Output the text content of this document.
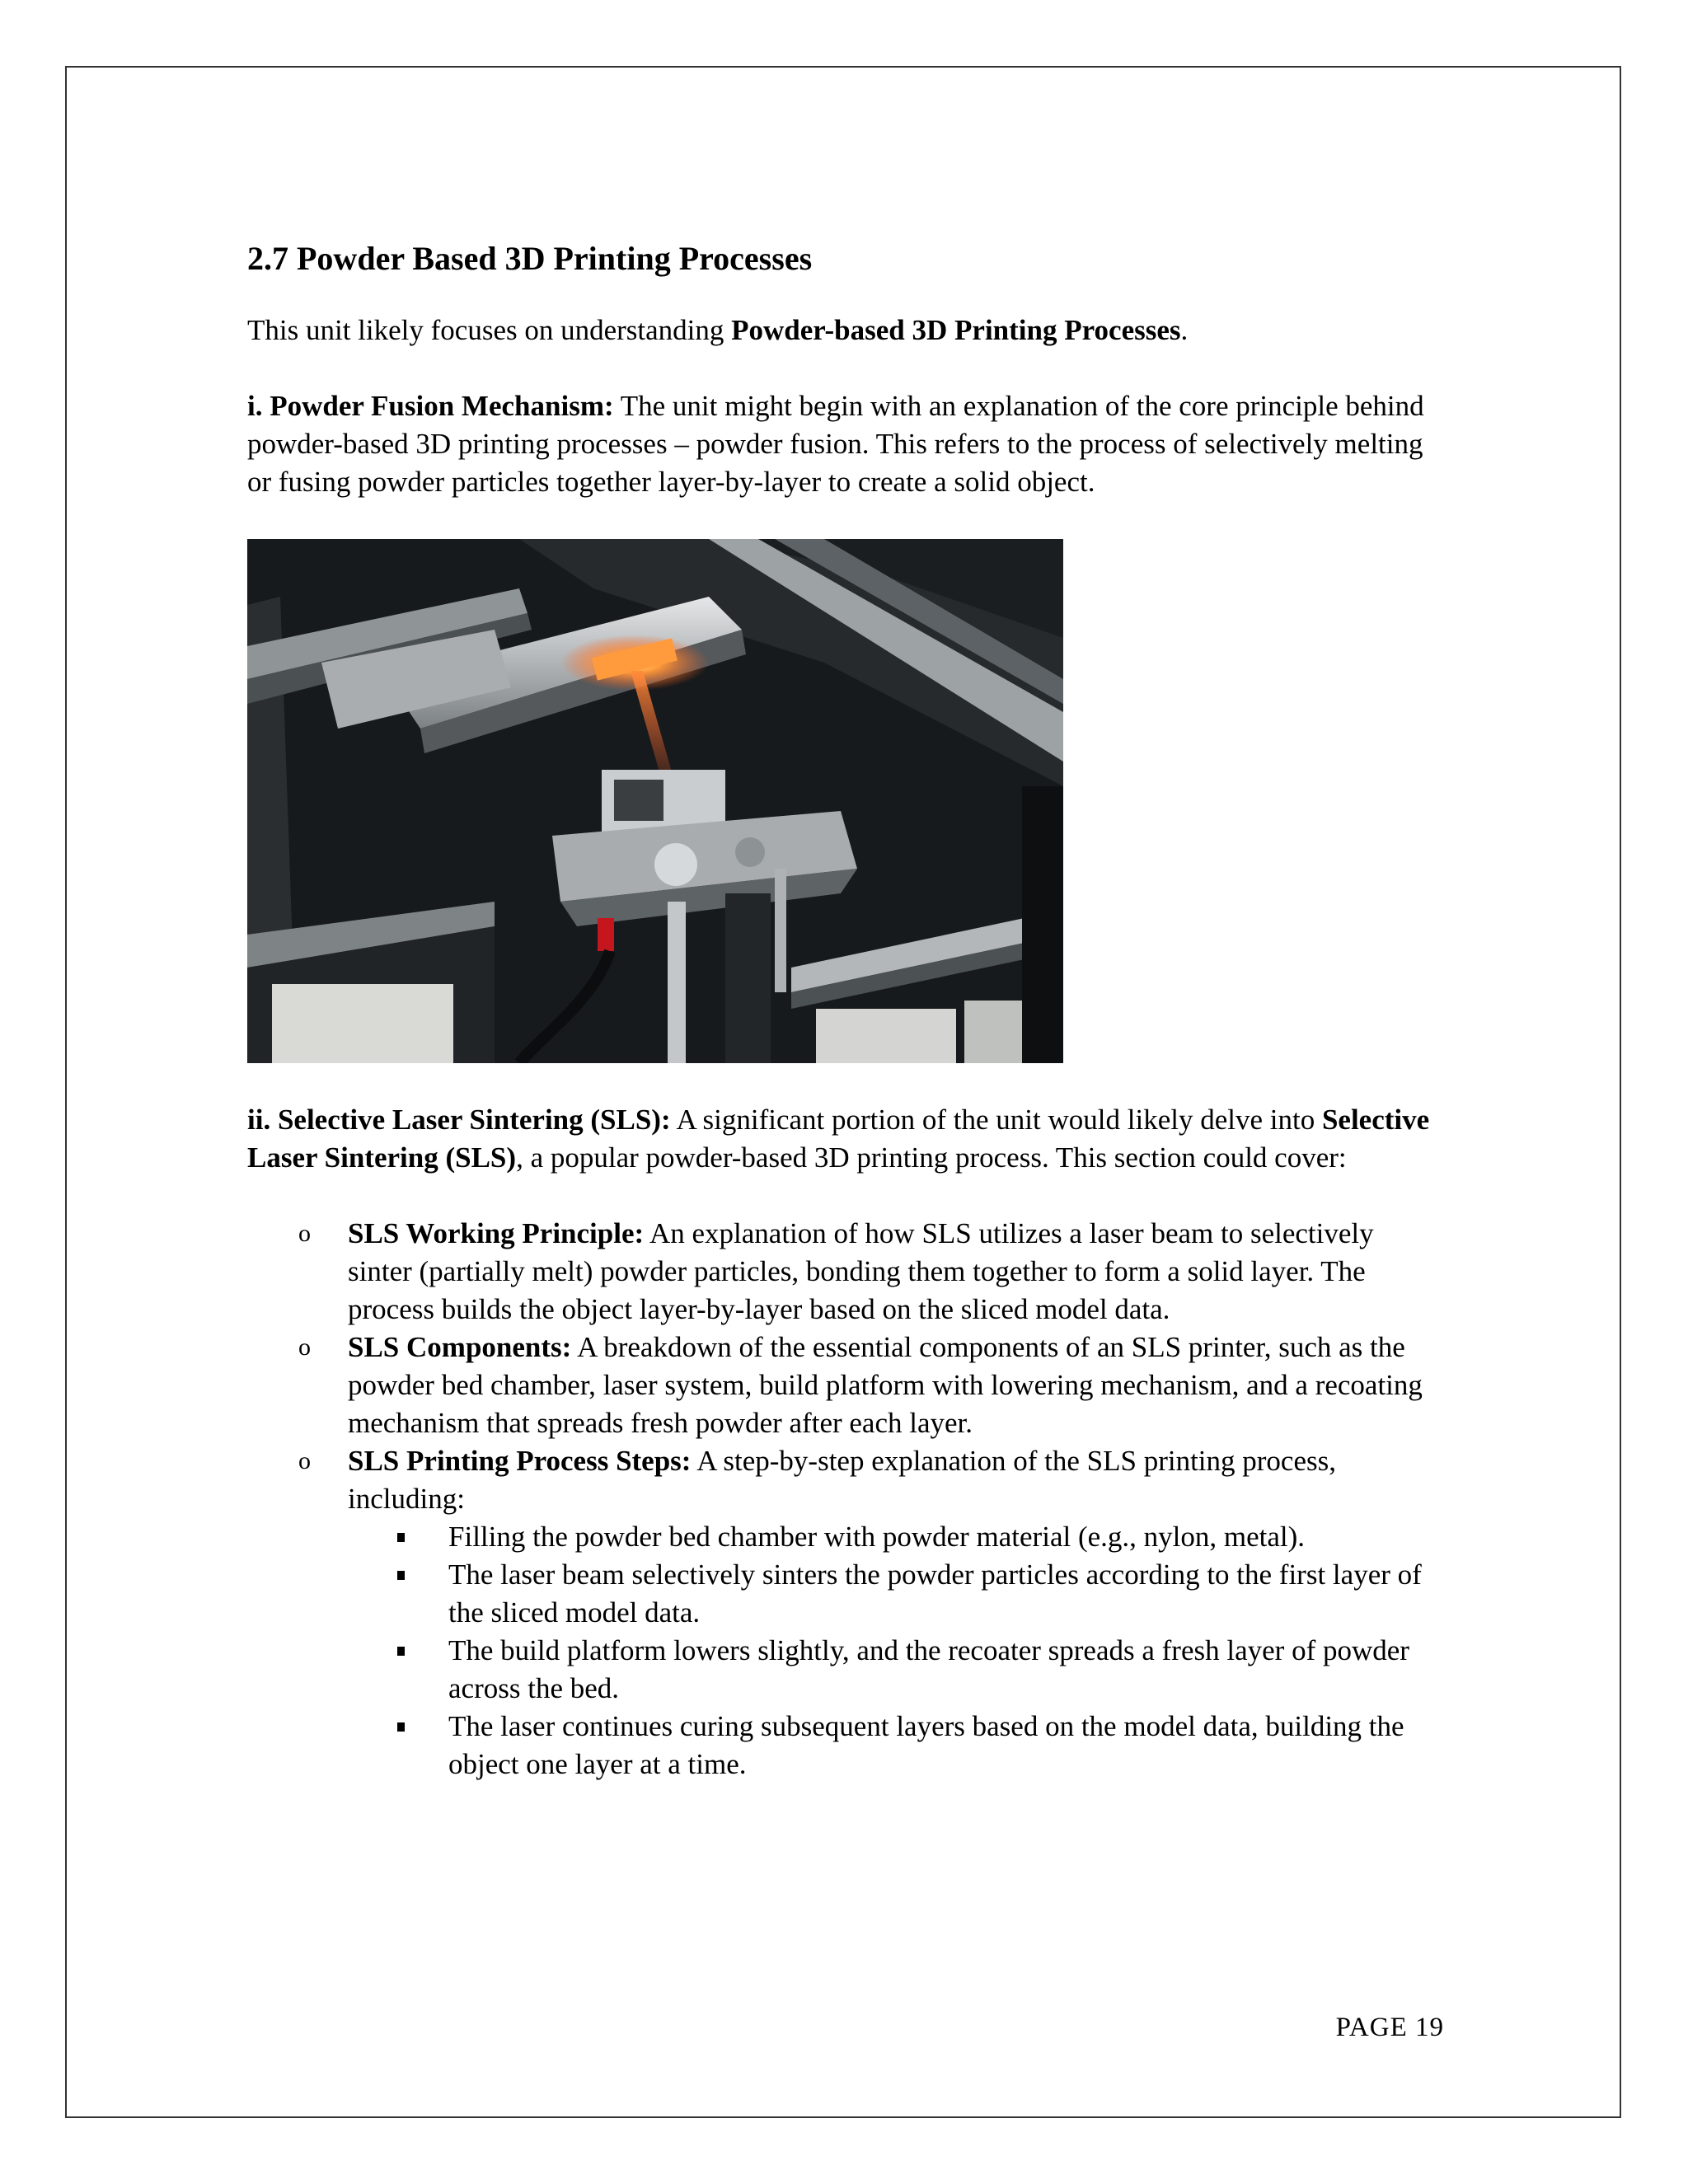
2.7 Powder Based 3D Printing Processes

This unit likely focuses on understanding Powder-based 3D Printing Processes.

i. Powder Fusion Mechanism: The unit might begin with an explanation of the core principle behind powder-based 3D printing processes – powder fusion. This refers to the process of selectively melting or fusing powder particles together layer-by-layer to create a solid object.

ii. Selective Laser Sintering (SLS): A significant portion of the unit would likely delve into Selective Laser Sintering (SLS), a popular powder-based 3D printing process. This section could cover:

o SLS Working Principle: An explanation of how SLS utilizes a laser beam to selectively sinter (partially melt) powder particles, bonding them together to form a solid layer. The process builds the object layer-by-layer based on the sliced model data.
o SLS Components: A breakdown of the essential components of an SLS printer, such as the powder bed chamber, laser system, build platform with lowering mechanism, and a recoating mechanism that spreads fresh powder after each layer.
o SLS Printing Process Steps: A step-by-step explanation of the SLS printing process, including:
Filling the powder bed chamber with powder material (e.g., nylon, metal).
The laser beam selectively sinters the powder particles according to the first layer of the sliced model data.
The build platform lowers slightly, and the recoater spreads a fresh layer of powder across the bed.
The laser continues curing subsequent layers based on the model data, building the object one layer at a time.
PAGE 19
